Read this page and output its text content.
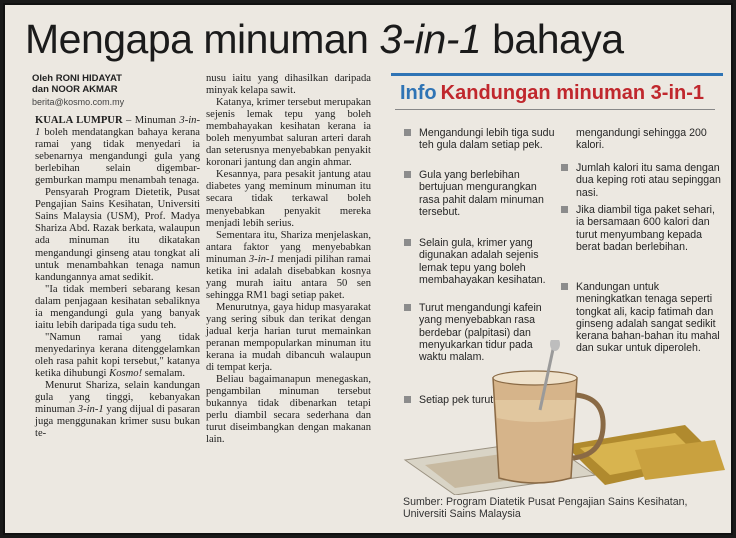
Mengapa minuman 3-in-1 bahaya
Oleh RONI HIDAYAT
dan NOOR AKMAR
berita@kosmo.com.my

KUALA LUMPUR – Minuman 3-in-1 boleh mendatangkan bahaya kerana ramai yang tidak menyedari ia sebenarnya mengandungi gula yang berlebihan selain digembar-gemburkan mampu menambah tenaga.

Pensyarah Program Dietetik, Pusat Pengajian Sains Kesihatan, Universiti Sains Malaysia (USM), Prof. Madya Shariza Abd. Razak berkata, walaupun ada minuman itu dikatakan mengandungi ginseng atau tongkat ali untuk menambahkan tenaga namun kandungannya amat sedikit.

"Ia tidak memberi sebarang kesan dalam penjagaan kesihatan sebaliknya ia mengandungi gula yang banyak iaitu lebih daripada tiga sudu teh.

"Namun ramai yang tidak menyedarinya kerana ditenggelamkan oleh rasa pahit kopi tersebut," katanya ketika dihubungi Kosmo! semalam.

Menurut Shariza, selain kandungan gula yang tinggi, kebanyakan minuman 3-in-1 yang dijual di pasaran juga menggunakan krimer susu bukan te-

nusu iaitu yang dihasilkan daripada minyak kelapa sawit.

Katanya, krimer tersebut merupakan sejenis lemak tepu yang boleh membahayakan kesihatan kerana ia boleh menyumbat saluran arteri darah dan seterusnya menyebabkan penyakit koronari jantung dan angin ahmar.

Kesannya, para pesakit jantung atau diabetes yang meminum minuman itu secara tidak terkawal boleh menyebabkan penyakit mereka menjadi lebih serius.

Sementara itu, Shariza menjelaskan, antara faktor yang menyebabkan minuman 3-in-1 menjadi pilihan ramai ketika ini adalah disebabkan kosnya yang murah iaitu antara 50 sen sehingga RM1 bagi setiap paket.

Menurutnya, gaya hidup masyarakat yang sering sibuk dan terikat dengan jadual kerja harian turut memainkan peranan mempopularkan minuman itu kerana ia mudah dibancuh walaupun di tempat kerja.

Beliau bagaimanapun menegaskan, pengambilan minuman tersebut bukannya tidak dibenarkan tetapi perlu diambil secara sederhana dan turut diseimbangkan dengan makanan lain.

Info Kandungan minuman 3-in-1
Mengandungi lebih tiga sudu teh gula dalam setiap pek.
Gula yang berlebihan bertujuan mengurangkan rasa pahit dalam minuman tersebut.
Selain gula, krimer yang digunakan adalah sejenis lemak tepu yang boleh membahayakan kesihatan.
Turut mengandungi kafein yang menyebabkan rasa berdebar (palpitasi) dan menyukarkan tidur pada waktu malam.
Setiap pek turut
mengandungi sehingga 200 kalori.
Jumlah kalori itu sama dengan dua keping roti atau sepinggan nasi.
Jika diambil tiga paket sehari, ia bersamaan 600 kalori dan turut menyumbang kepada berat badan berlebihan.
Kandungan untuk meningkatkan tenaga seperti tongkat ali, kacip fatimah dan ginseng adalah sangat sedikit kerana bahan-bahan itu mahal dan sukar untuk diperoleh.
Sumber: Program Diatetik Pusat Pengajian Sains Kesihatan, Universiti Sains Malaysia
